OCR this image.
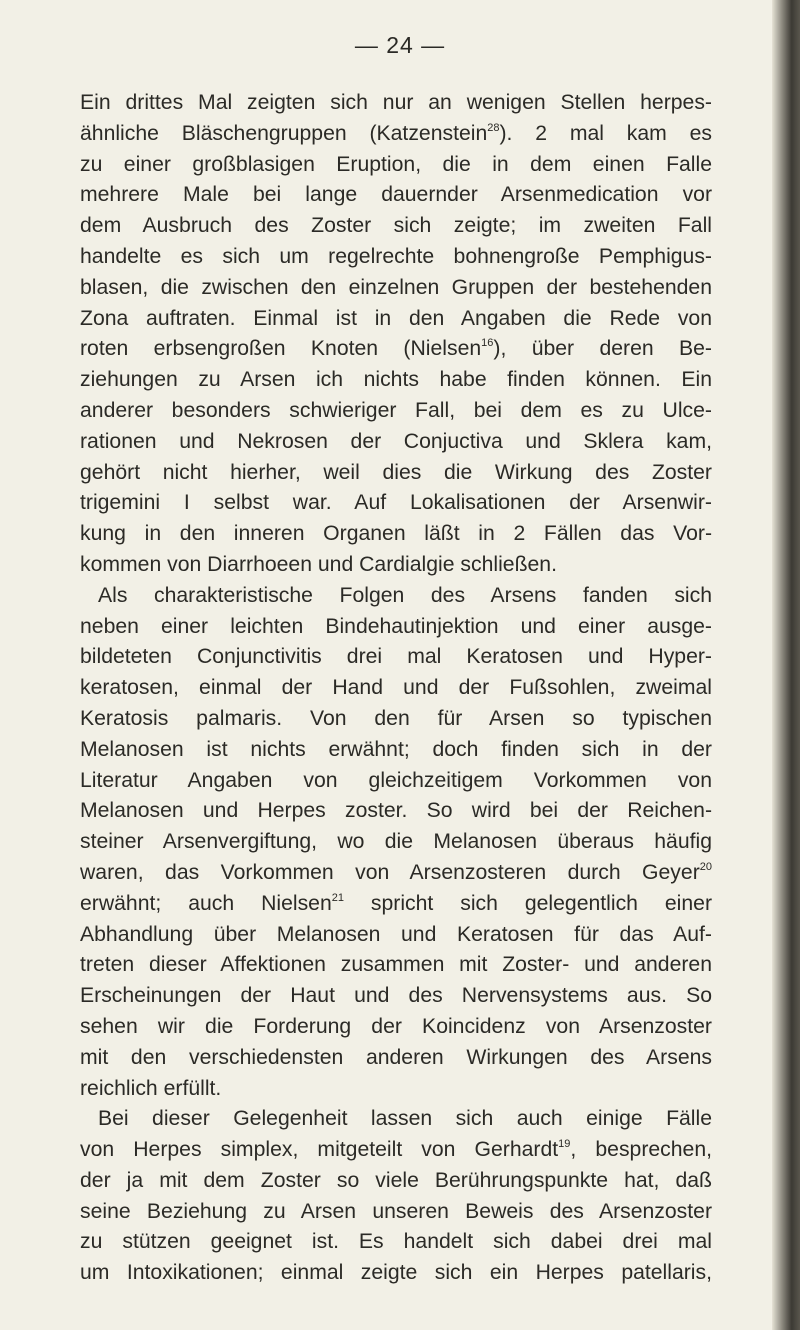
— 24 —
Ein drittes Mal zeigten sich nur an wenigen Stellen herpes-
ähnliche Bläschengruppen (Katzenstein$^{28}$). 2 mal kam es
zu einer großblasigen Eruption, die in dem einen Falle
mehrere Male bei lange dauernder Arsenmedication vor
dem Ausbruch des Zoster sich zeigte; im zweiten Fall
handelte es sich um regelrechte bohnengroße Pemphigus-
blasen, die zwischen den einzelnen Gruppen der bestehenden
Zona auftraten. Einmal ist in den Angaben die Rede von
roten erbsengroßen Knoten (Nielsen$^{16}$), über deren Be-
ziehungen zu Arsen ich nichts habe finden können. Ein
anderer besonders schwieriger Fall, bei dem es zu Ulce-
rationen und Nekrosen der Conjuctiva und Sklera kam,
gehört nicht hierher, weil dies die Wirkung des Zoster
trigemini I selbst war. Auf Lokalisationen der Arsenwir-
kung in den inneren Organen läßt in 2 Fällen das Vor-
kommen von Diarrhoeen und Cardialgie schließen.
Als charakteristische Folgen des Arsens fanden sich
neben einer leichten Bindehautinjektion und einer ausge-
bildeteten Conjunctivitis drei mal Keratosen und Hyper-
keratosen, einmal der Hand und der Fußsohlen, zweimal
Keratosis palmaris. Von den für Arsen so typischen
Melanosen ist nichts erwähnt; doch finden sich in der
Literatur Angaben von gleichzeitigem Vorkommen von
Melanosen und Herpes zoster. So wird bei der Reichen-
steiner Arsenvergiftung, wo die Melanosen überaus häufig
waren, das Vorkommen von Arsenzosteren durch Geyer$^{20}$
erwähnt; auch Nielsen$^{21}$ spricht sich gelegentlich einer
Abhandlung über Melanosen und Keratosen für das Auf-
treten dieser Affektionen zusammen mit Zoster- und anderen
Erscheinungen der Haut und des Nervensystems aus. So
sehen wir die Forderung der Koincidenz von Arsenzoster
mit den verschiedensten anderen Wirkungen des Arsens
reichlich erfüllt.
Bei dieser Gelegenheit lassen sich auch einige Fälle
von Herpes simplex, mitgeteilt von Gerhardt$^{19}$, besprechen,
der ja mit dem Zoster so viele Berührungspunkte hat, daß
seine Beziehung zu Arsen unseren Beweis des Arsenzoster
zu stützen geeignet ist. Es handelt sich dabei drei mal
um Intoxikationen; einmal zeigte sich ein Herpes patellaris,
